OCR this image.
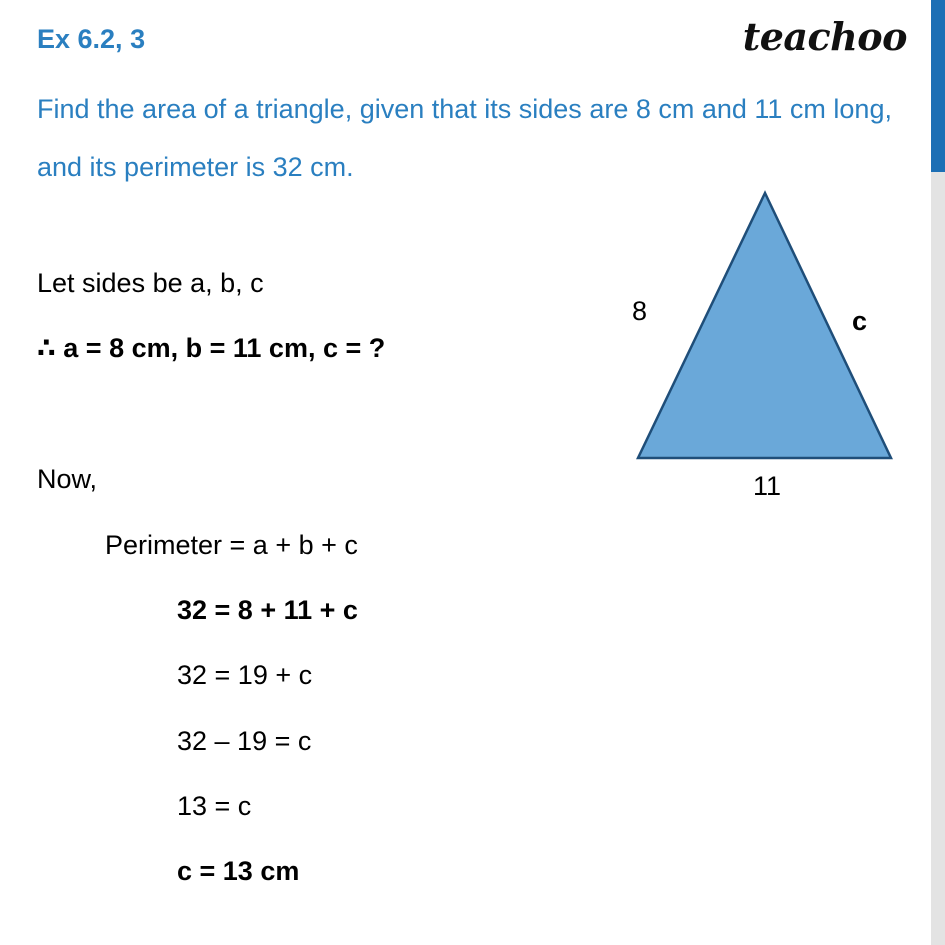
Ex 6.2, 3	teachoo
Find the area of a triangle, given that its sides are 8 cm and 11 cm long, and its perimeter is 32 cm.
Let sides be a, b, c
∴ a = 8 cm, b = 11 cm, c = ?
Now,
Perimeter = a + b + c
32 = 8 + 11 + c
32 = 19 + c
32 – 19 = c
13 = c
c = 13 cm
8	c
11
